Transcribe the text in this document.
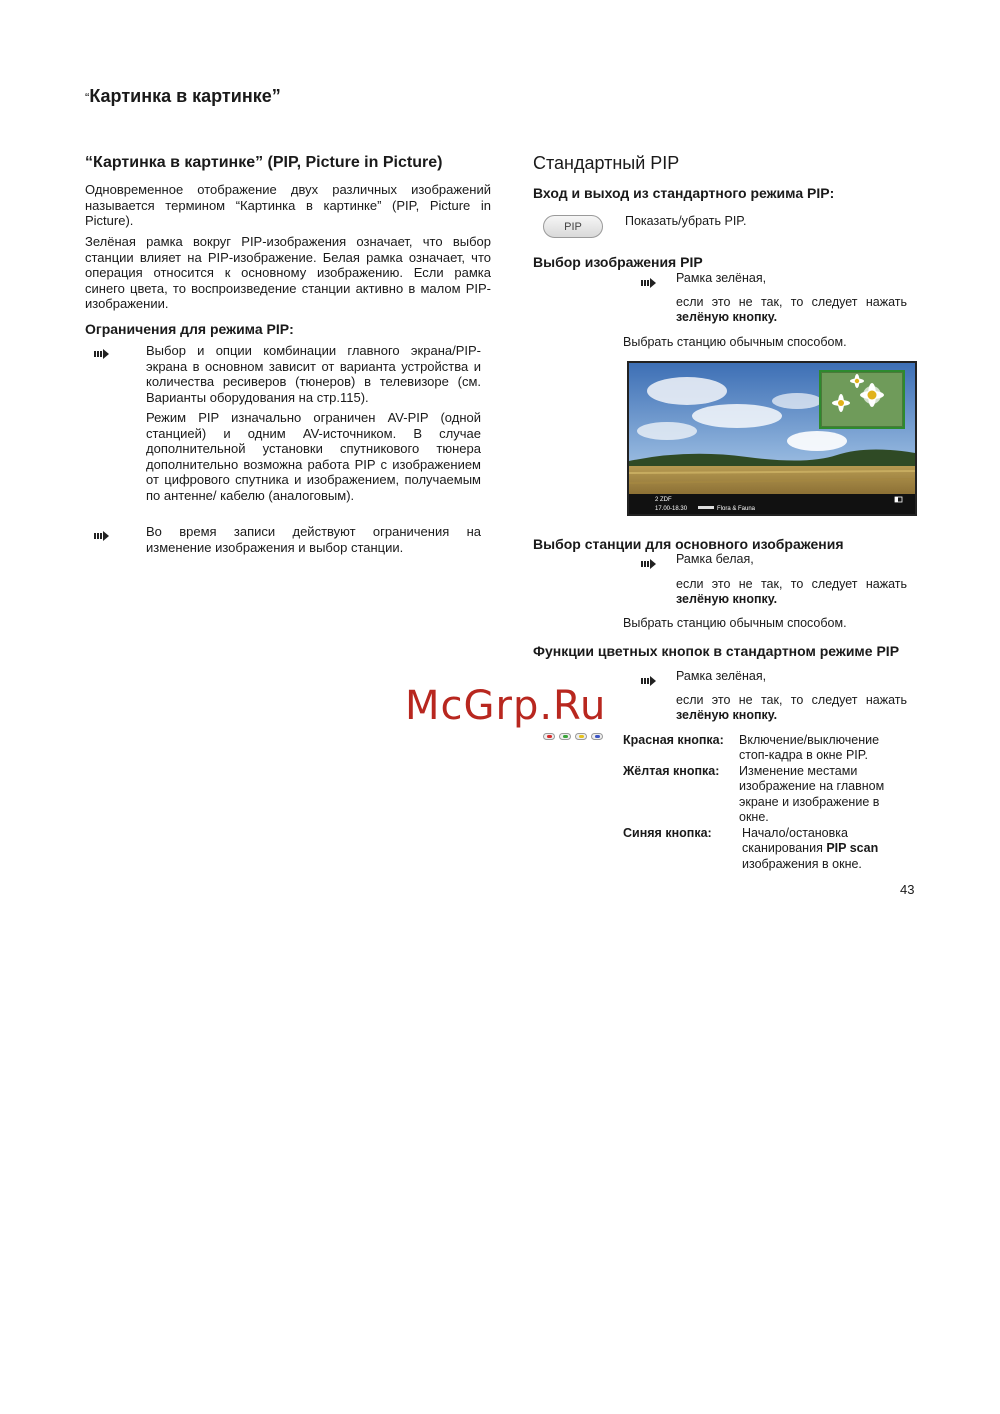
“Картинка в картинке”
“Картинка в картинке” (PIP, Picture in Picture)

Одновременное отображение двух различных изображений называется термином “Картинка в картинке” (PIP, Picture in Picture).

Зелёная рамка вокруг PIP-изображения означает, что выбор станции влияет на PIP-изображение. Белая рамка означает, что операция относится к основному изображению. Если рамка синего цвета, то воспроизведение станции активно в малом PIP-изображении.

Ограничения для режима PIP:

Выбор и опции комбинации главного экрана/PIP-экрана в основном зависит от варианта устройства и количества ресиверов (тюнеров) в телевизоре (см. Варианты оборудования на стр.115).

Режим PIP изначально ограничен AV-PIP (одной станцией) и одним AV-источником. В случае дополнительной установки спутникового тюнера дополнительно возможна работа PIP с изображением от цифрового спутника и изображением, получаемым по антенне/ кабелю (аналоговым).

Во время записи действуют ограничения на изменение изображения и выбор станции.

Стандартный PIP
Вход и выход из стандартного режима PIP:
PIP	Показать/убрать PIP.

Выбор изображения PIP

Рамка зелёная,

если это не так, то следует нажать

зелёную кнопку.

Выбрать станцию обычным способом.

2 ZDF
17.00-18.30	Flora & Fauna
Выбор станции для основного изображения

Рамка белая,

если это не так, то следует нажать

зелёную кнопку.

Выбрать станцию обычным способом.

Функции цветных кнопок в стандартном режиме PIP

Рамка зелёная,

если это не так, то следует нажать

зелёную кнопку.

Красная кнопка: Включение/выключение стоп-кадра в окне PIP.
Жёлтая кнопка: Изменение местами изображение на главном экране и изображение в окне.
Синяя кнопка: Начало/остановка сканирования PIP scan изображения в окне.
McGrp.Ru
43
